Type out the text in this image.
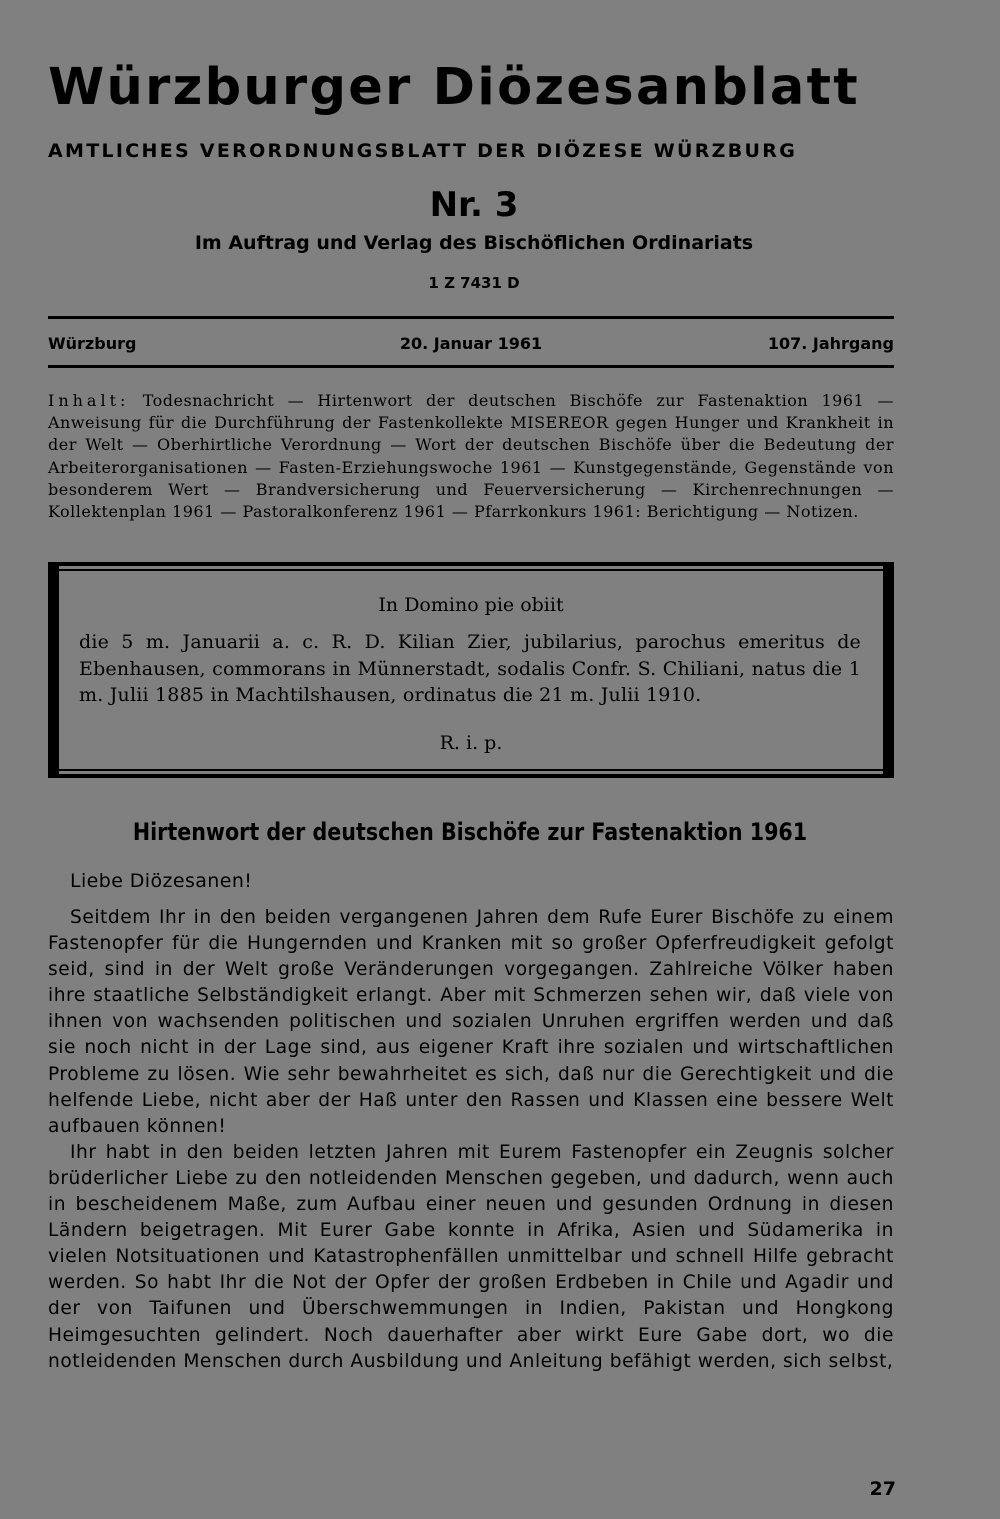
Würzburger Diözesanblatt
AMTLICHES VERORDNUNGSBLATT DER DIÖZESE WÜRZBURG
Nr. 3
Im Auftrag und Verlag des Bischöflichen Ordinariats
1 Z 7431 D
Würzburg	20. Januar 1961	107. Jahrgang
Inhalt: Todesnachricht — Hirtenwort der deutschen Bischöfe zur Fastenaktion 1961 — Anweisung für die Durchführung der Fastenkollekte MISEREOR gegen Hunger und Krankheit in der Welt — Oberhirtliche Verordnung — Wort der deutschen Bischöfe über die Bedeutung der Arbeiterorganisationen — Fasten-Erziehungswoche 1961 — Kunstgegenstände, Gegenstände von besonderem Wert — Brandversicherung und Feuerversicherung — Kirchenrechnungen — Kollektenplan 1961 — Pastoralkonferenz 1961 — Pfarrkonkurs 1961: Berichtigung — Notizen.
In Domino pie obiit
die 5 m. Januarii a. c. R. D. Kilian Zier, jubilarius, parochus emeritus de Ebenhausen, commorans in Münnerstadt, sodalis Confr. S. Chiliani, natus die 1 m. Julii 1885 in Machtilshausen, ordinatus die 21 m. Julii 1910.
R. i. p.
Hirtenwort der deutschen Bischöfe zur Fastenaktion 1961
Liebe Diözesanen!

Seitdem Ihr in den beiden vergangenen Jahren dem Rufe Eurer Bischöfe zu einem Fastenopfer für die Hungernden und Kranken mit so großer Opferfreudigkeit gefolgt seid, sind in der Welt große Veränderungen vorgegangen. Zahlreiche Völker haben ihre staatliche Selbständigkeit erlangt. Aber mit Schmerzen sehen wir, daß viele von ihnen von wachsenden politischen und sozialen Unruhen ergriffen werden und daß sie noch nicht in der Lage sind, aus eigener Kraft ihre sozialen und wirtschaftlichen Probleme zu lösen. Wie sehr bewahrheitet es sich, daß nur die Gerechtigkeit und die helfende Liebe, nicht aber der Haß unter den Rassen und Klassen eine bessere Welt aufbauen können!

Ihr habt in den beiden letzten Jahren mit Eurem Fastenopfer ein Zeugnis solcher brüderlicher Liebe zu den notleidenden Menschen gegeben, und dadurch, wenn auch in bescheidenem Maße, zum Aufbau einer neuen und gesunden Ordnung in diesen Ländern beigetragen. Mit Eurer Gabe konnte in Afrika, Asien und Südamerika in vielen Notsituationen und Katastrophenfällen unmittelbar und schnell Hilfe gebracht werden. So habt Ihr die Not der Opfer der großen Erdbeben in Chile und Agadir und der von Taifunen und Überschwemmungen in Indien, Pakistan und Hongkong Heimgesuchten gelindert. Noch dauerhafter aber wirkt Eure Gabe dort, wo die notleidenden Menschen durch Ausbildung und Anleitung befähigt werden, sich selbst,

27
